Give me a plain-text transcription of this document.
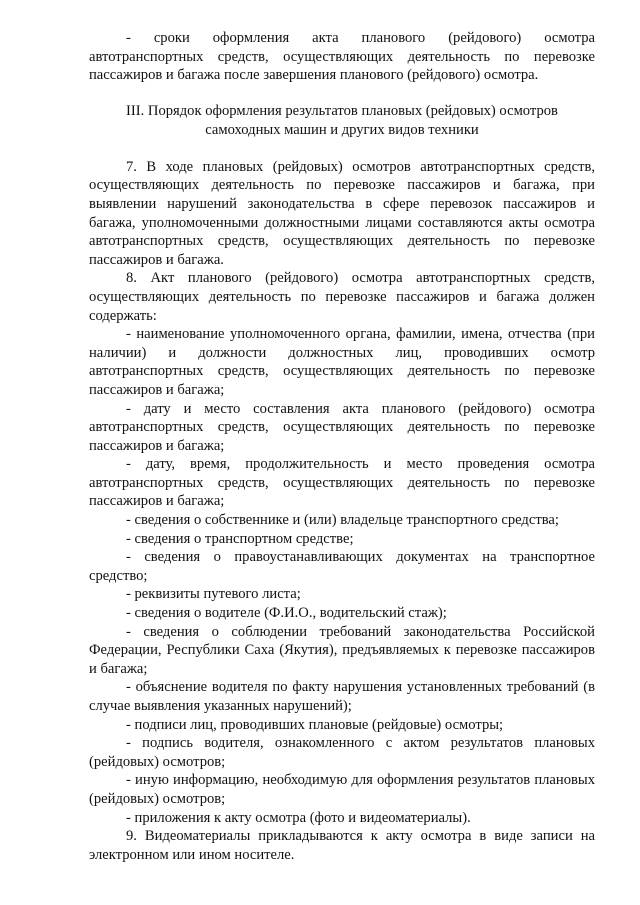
- сроки оформления акта планового (рейдового) осмотра автотранспортных средств, осуществляющих деятельность по перевозке пассажиров и багажа после завершения планового (рейдового) осмотра.

III. Порядок оформления результатов плановых (рейдовых) осмотров
самоходных машин и других видов техники

7. В ходе плановых (рейдовых) осмотров автотранспортных средств, осуществляющих деятельность по перевозке пассажиров и багажа, при выявлении нарушений законодательства в сфере перевозок пассажиров и багажа, уполномоченными должностными лицами составляются акты осмотра автотранспортных средств, осуществляющих деятельность по перевозке пассажиров и багажа.

8. Акт планового (рейдового) осмотра автотранспортных средств, осуществляющих деятельность по перевозке пассажиров и багажа должен содержать:

- наименование уполномоченного органа, фамилии, имена, отчества (при наличии) и должности должностных лиц, проводивших осмотр автотранспортных средств, осуществляющих деятельность по перевозке пассажиров и багажа;

- дату и место составления акта планового (рейдового) осмотра автотранспортных средств, осуществляющих деятельность по перевозке пассажиров и багажа;

- дату, время, продолжительность и место проведения осмотра автотранспортных средств, осуществляющих деятельность по перевозке пассажиров и багажа;

- сведения о собственнике и (или) владельце транспортного средства;

- сведения о транспортном средстве;

- сведения о правоустанавливающих документах на транспортное средство;

- реквизиты путевого листа;

- сведения о водителе (Ф.И.О., водительский стаж);

- сведения о соблюдении требований законодательства Российской Федерации, Республики Саха (Якутия), предъявляемых к перевозке пассажиров и багажа;

- объяснение водителя по факту нарушения установленных требований (в случае выявления указанных нарушений);

- подписи лиц, проводивших плановые (рейдовые) осмотры;

- подпись водителя, ознакомленного с актом результатов плановых (рейдовых) осмотров;

- иную информацию, необходимую для оформления результатов плановых (рейдовых) осмотров;

- приложения к акту осмотра (фото и видеоматериалы).

9. Видеоматериалы прикладываются к акту осмотра в виде записи на электронном или ином носителе.
